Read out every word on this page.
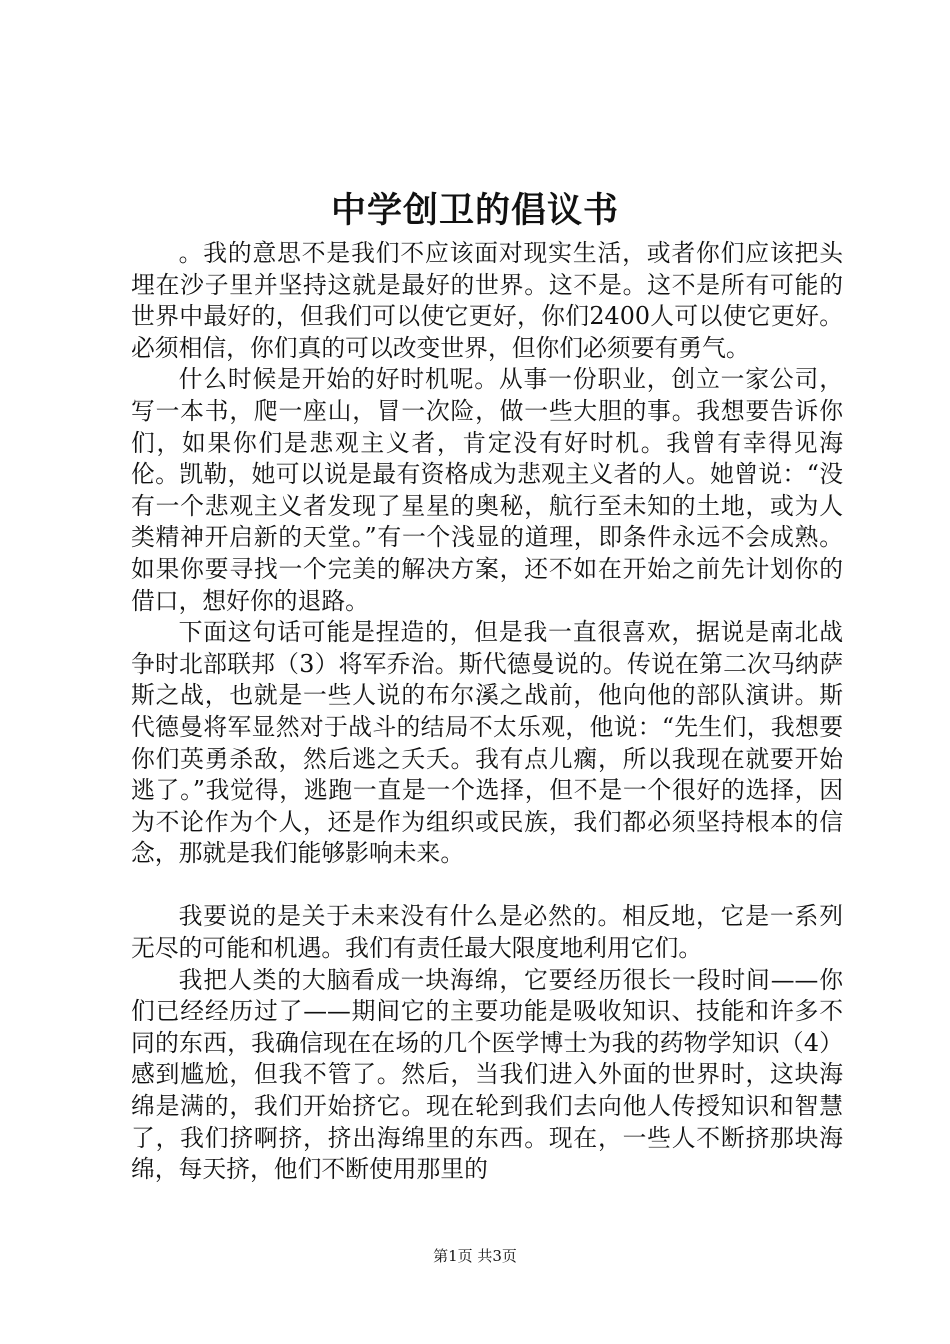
中学创卫的倡议书

。我的意思不是我们不应该面对现实生活，或者你们应该把头埋在沙子里并坚持这就是最好的世界。这不是。这不是所有可能的世界中最好的，但我们可以使它更好，你们2400人可以使它更好。必须相信，你们真的可以改变世界，但你们必须要有勇气。

什么时候是开始的好时机呢。从事一份职业，创立一家公司，写一本书，爬一座山，冒一次险，做一些大胆的事。我想要告诉你们，如果你们是悲观主义者，肯定没有好时机。我曾有幸得见海伦。凯勒，她可以说是最有资格成为悲观主义者的人。她曾说：“没有一个悲观主义者发现了星星的奥秘，航行至未知的土地，或为人类精神开启新的天堂。”有一个浅显的道理，即条件永远不会成熟。如果你要寻找一个完美的解决方案，还不如在开始之前先计划你的借口，想好你的退路。

下面这句话可能是捏造的，但是我一直很喜欢，据说是南北战争时北部联邦（3）将军乔治。斯代德曼说的。传说在第二次马纳萨斯之战，也就是一些人说的布尔溪之战前，他向他的部队演讲。斯代德曼将军显然对于战斗的结局不太乐观，他说：“先生们，我想要你们英勇杀敌，然后逃之夭夭。我有点儿瘸，所以我现在就要开始逃了。”我觉得，逃跑一直是一个选择，但不是一个很好的选择，因为不论作为个人，还是作为组织或民族，我们都必须坚持根本的信念，那就是我们能够影响未来。

我要说的是关于未来没有什么是必然的。相反地，它是一系列无尽的可能和机遇。我们有责任最大限度地利用它们。

我把人类的大脑看成一块海绵，它要经历很长一段时间——你们已经经历过了——期间它的主要功能是吸收知识、技能和许多不同的东西，我确信现在在场的几个医学博士为我的药物学知识（4）感到尴尬，但我不管了。然后，当我们进入外面的世界时，这块海绵是满的，我们开始挤它。现在轮到我们去向他人传授知识和智慧了，我们挤啊挤，挤出海绵里的东西。现在，一些人不断挤那块海绵，每天挤，他们不断使用那里的

第1页 共3页
